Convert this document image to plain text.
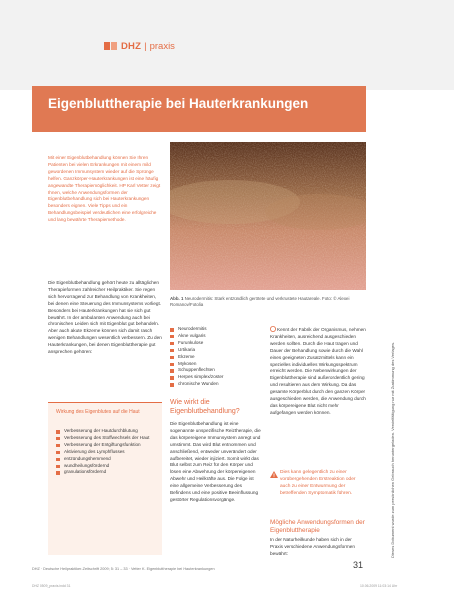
DHZ | praxis
Eigenbluttherapie bei Hauterkrankungen
Mit einer Eigenblutbehandlung können Sie Ihren Patienten bei vielen Erkrankungen mit einem mild gewordenen Immunsystem wieder auf die Sprünge helfen. Ganzkörper-Hauterkrankungen ist eine häufig angewandte Therapiemöglichkeit. HP Karl Vetter zeigt Ihnen, welche Anwendungsformen der Eigenblutbehandlung sich bei Hauterkrankungen besonders eignen. Viele Tipps und ein Behandlungsbeispiel verdeutlichen eine erfolgreiche und lang bewährte Therapiemethode.
Abb. 1 Neurodermitis: Stark entzündlich gerötete und verkrustete Hautareale. Foto: © Alexei Romanov/Fotolia

Die Eigenblutbehandlung gehört heute zu alltäglichen Therapieformen zahlreicher Heilpraktiker. Sie regen sich hervorragend zur Behandlung von Krankheiten, bei denen eine Steuerung des Immunsystems vorliegt. Besonders bei Hauterkrankungen hat sie sich gut bewährt. In der ambulanten Anwendung auch bei chronischen Leiden sich mit Eigenblut gut behandeln. Aber auch akute Ekzeme können sich damit rasch wenigen Behandlungen wesentlich verbessern. Zu den Hauterkrankungen, bei denen Eigenbluttherapie gut ansprechen gehören:

Wirkung des Eigenblutes auf die Haut
Verbesserung der Hautdurchblutung
Verbesserung des Stoffwechsels der Haut
Verbesserung der Entgiftungsfunktion
Aktivierung des Lymphflusses
entzündungshemmend
wundheilungsfördernd
granulationsfördernd
Neurodermitis
Akne vulgaris
Furunkulose
Urtikaria
Ekzeme
Mykosen
Schuppenflechten
Herpes simplex/zoster
chronische Wunden
Wie wirkt die Eigenblutbehandlung?

Die Eigenblutbehandlung ist eine sogenannte unspezifische Reiztherapie, die das körpereigene Immunsystem anregt und umstimmt. Das wird Blut entnommen und anschließend, entweder unverändert oder aufbereitet, wieder injiziert. Somit wirkt das Blut selbst zum Reiz für den Körper und lösen eine Abwehrung der körpereigenen Abwehr und Heilkräfte aus. Die Folge ist eine allgemeine Verbesserung des Befindens und eine positive Beeinflussung gestörter Regulationsvorgänge.

Kennt der Fabrik der Organismus, nehmen Krankheiten, ausreichend ausgeschieden werden sollten. Durch die Haut tragen und Dauer der Behandlung sowie durch die Wahl eines geeigneten Zusatzmittels kann ein spezielles individuelles Wirkungsspektrum erreicht werden. Die Nebenwirkungen der Eigenbluttherapie sind außerordentlich gering und resultieren aus dem Wirkung. Da das gesamte Körperblut durch den ganzen Körper ausgeschieden werden, die Anwendung durch das körpereigene Blut nicht mehr aufgefangen werden können.
Dies kann gelegentlich zu einer vorübergehenden Erstreaktion oder auch zu einer Entwurmung der betreffenden Symptomatik führen.
Mögliche Anwendungsformen der Eigenbluttherapie

In der Naturheilkunde haben sich in der Praxis verschiedene Anwendungsformen bewährt:	Dieses Dokument wurde zum persönlichen Gebrauch heruntergeladen. Vervielfältigung nur mit Zustimmung des Verlages.
DHZ · Deutsche Heilpraktiker-Zeitschrift 2009; 5: 31 – 33 · Vetter K. Eigenbluttherapie bei Hauterkrankungen	31
DHZ 0509_praxis.indd 31	10.06.2009 11:03:14 Uhr
